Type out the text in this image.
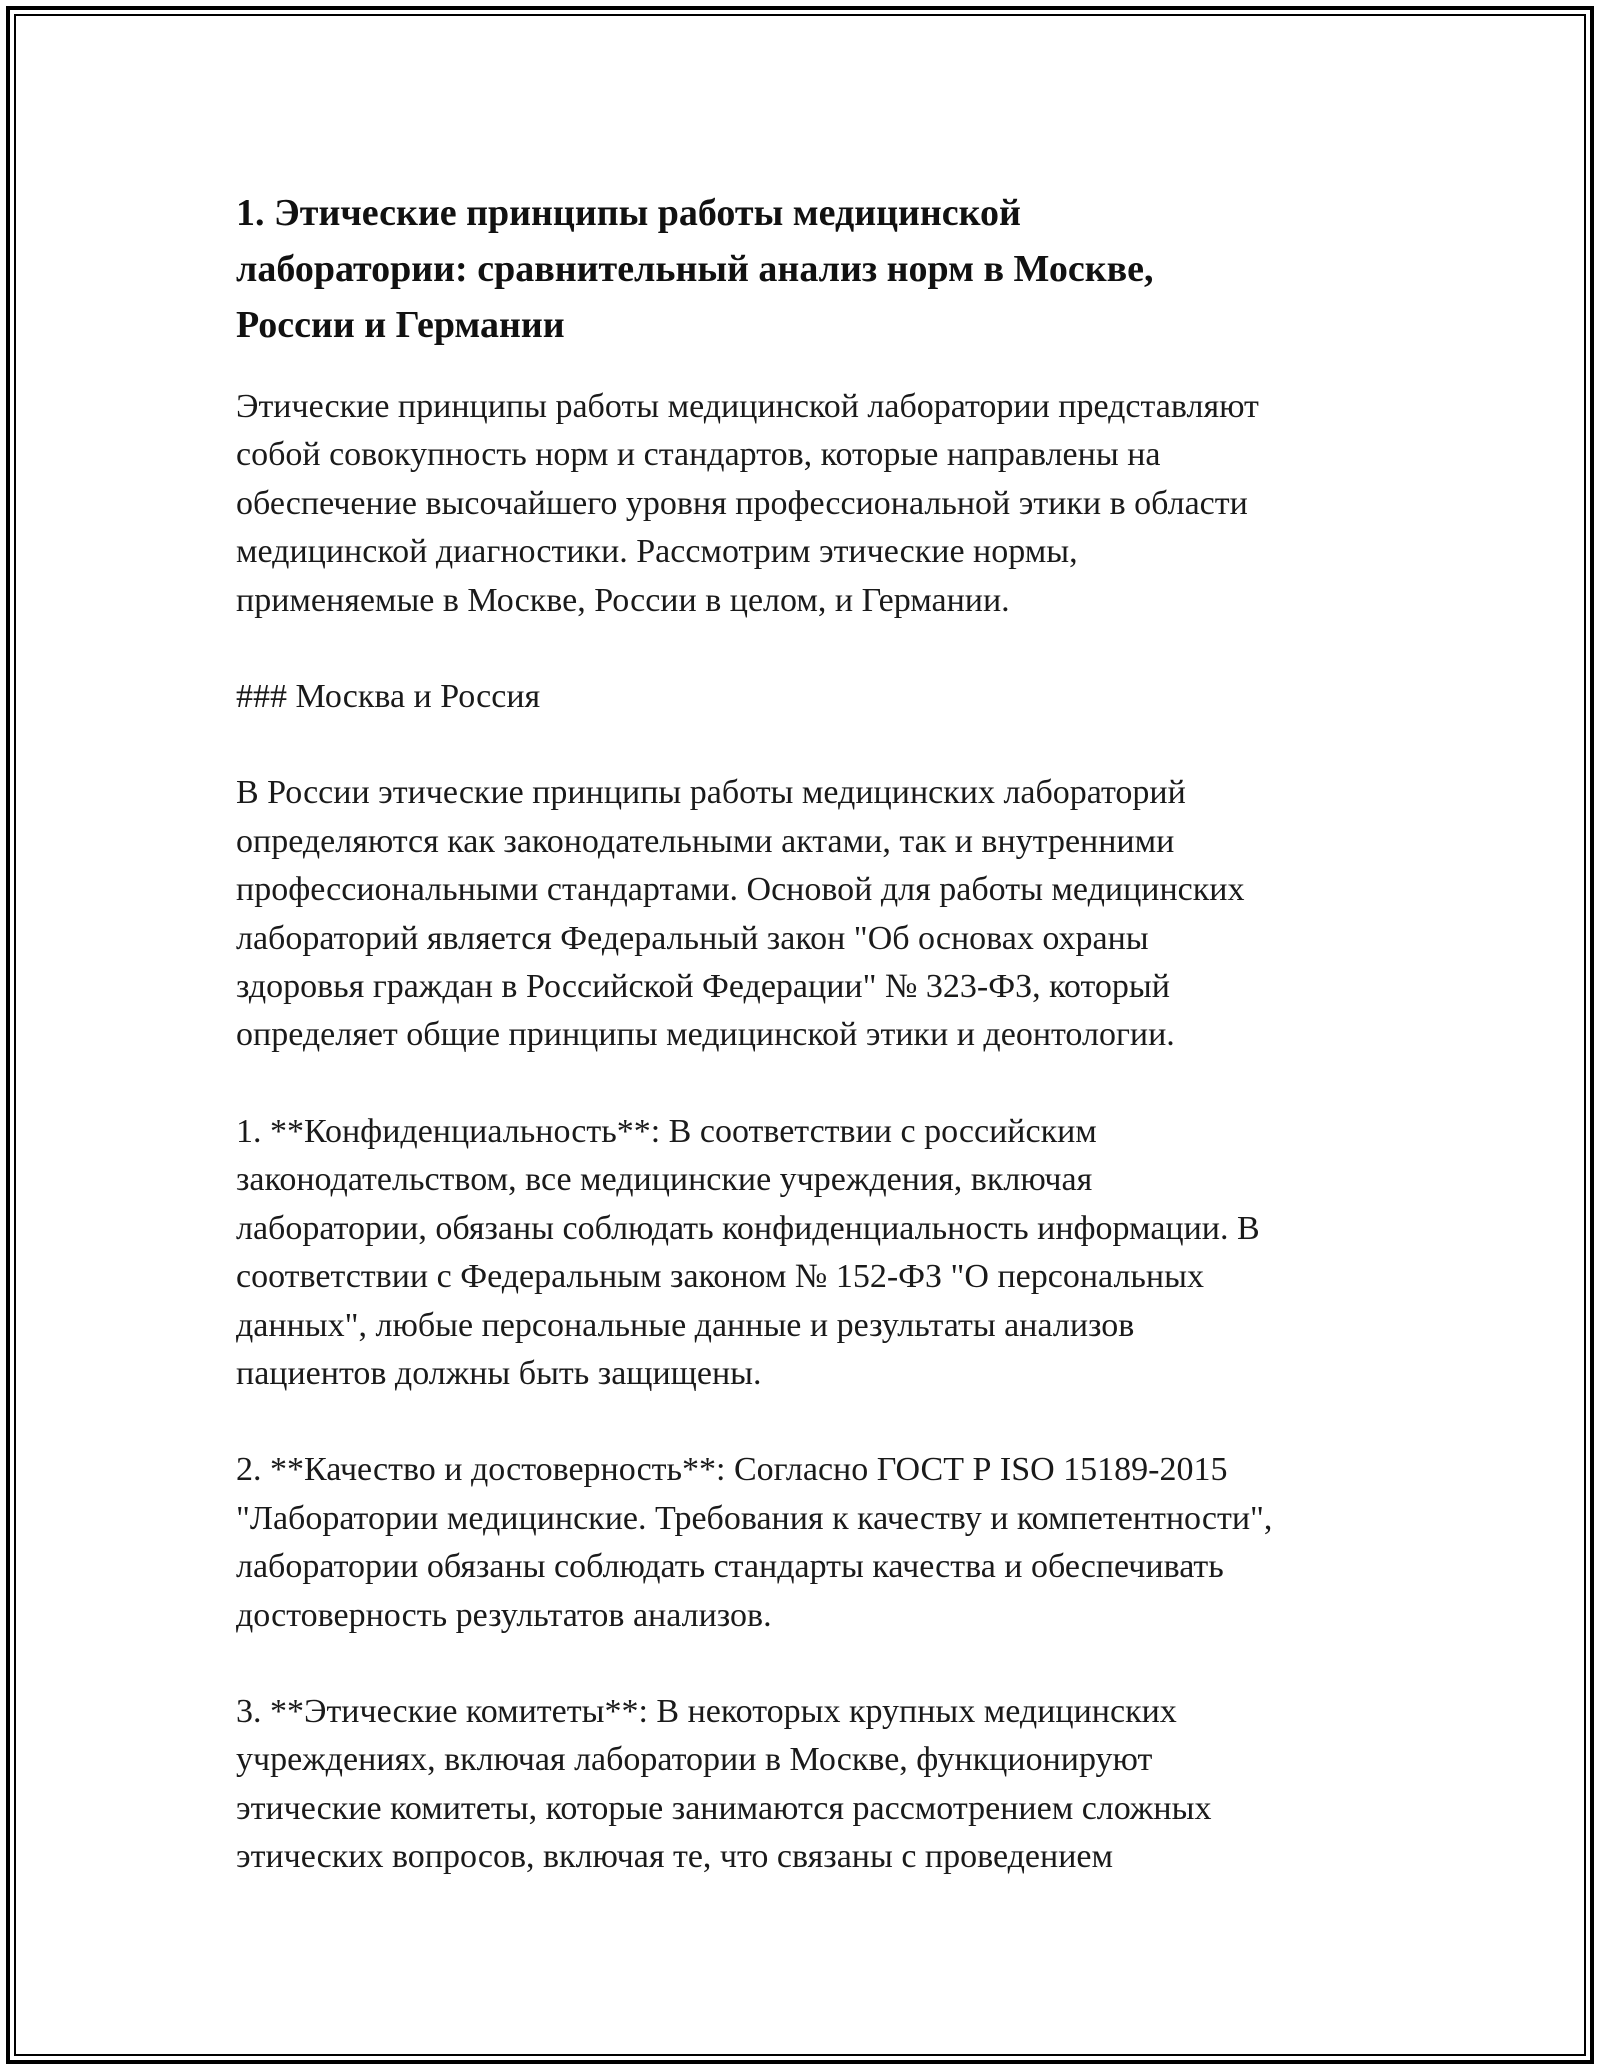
1. Этические принципы работы медицинской
лаборатории: сравнительный анализ норм в Москве,
России и Германии

Этические принципы работы медицинской лаборатории представляют
собой совокупность норм и стандартов, которые направлены на
обеспечение высочайшего уровня профессиональной этики в области
медицинской диагностики. Рассмотрим этические нормы,
применяемые в Москве, России в целом, и Германии.

### Москва и Россия

В России этические принципы работы медицинских лабораторий
определяются как законодательными актами, так и внутренними
профессиональными стандартами. Основой для работы медицинских
лабораторий является Федеральный закон "Об основах охраны
здоровья граждан в Российской Федерации" № 323-ФЗ, который
определяет общие принципы медицинской этики и деонтологии.

1. **Конфиденциальность**: В соответствии с российским
законодательством, все медицинские учреждения, включая
лаборатории, обязаны соблюдать конфиденциальность информации. В
соответствии с Федеральным законом № 152-ФЗ "О персональных
данных", любые персональные данные и результаты анализов
пациентов должны быть защищены.

2. **Качество и достоверность**: Согласно ГОСТ Р ISO 15189-2015
"Лаборатории медицинские. Требования к качеству и компетентности",
лаборатории обязаны соблюдать стандарты качества и обеспечивать
достоверность результатов анализов.

3. **Этические комитеты**: В некоторых крупных медицинских
учреждениях, включая лаборатории в Москве, функционируют
этические комитеты, которые занимаются рассмотрением сложных
этических вопросов, включая те, что связаны с проведением
